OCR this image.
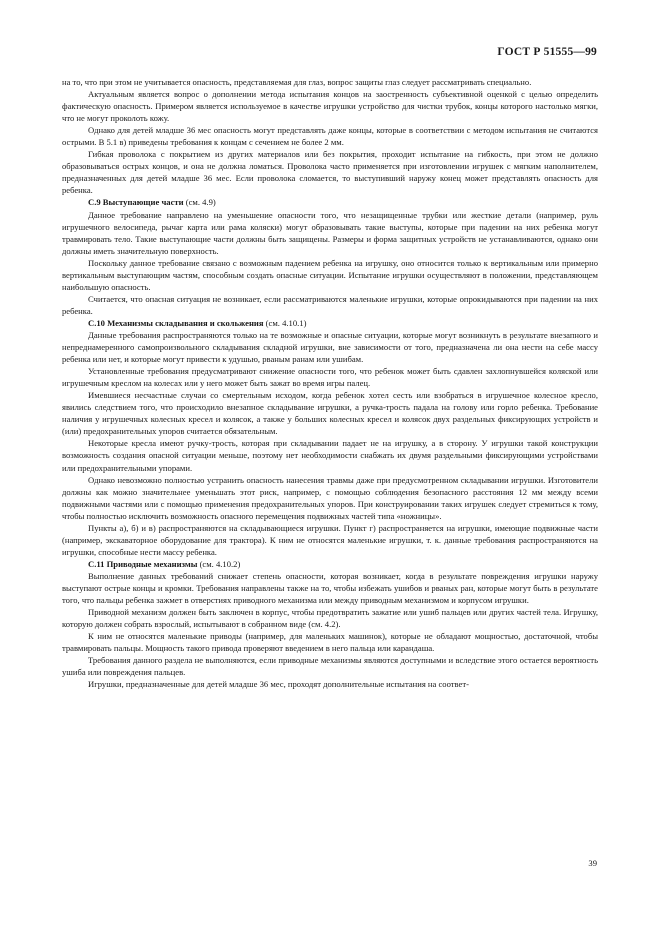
ГОСТ Р 51555—99

на то, что при этом не учитывается опасность, представляемая для глаз, вопрос защиты глаз следует рассматривать специально.

Актуальным является вопрос о дополнении метода испытания концов на заостренность субъективной оценкой с целью определить фактическую опасность. Примером является используемое в качестве игрушки устройство для чистки трубок, концы которого настолько мягки, что не могут проколоть кожу.

Однако для детей младше 36 мес опасность могут представлять даже концы, которые в соответствии с методом испытания не считаются острыми. В 5.1 в) приведены требования к концам с сечением не более 2 мм.

Гибкая проволока с покрытием из других материалов или без покрытия, проходит испытание на гибкость, при этом не должно образовываться острых концов, и она не должна ломаться. Проволока часто применяется при изготовлении игрушек с мягким наполнителем, предназначенных для детей младше 36 мес. Если проволока сломается, то выступивший наружу конец может представлять опасность для ребенка.

С.9 Выступающие части (см. 4.9)

Данное требование направлено на уменьшение опасности того, что незащищенные трубки или жесткие детали (например, руль игрушечного велосипеда, рычаг карта или рама коляски) могут образовывать такие выступы, которые при падении на них ребенка могут травмировать тело. Такие выступающие части должны быть защищены. Размеры и форма защитных устройств не устанавливаются, однако они должны иметь значительную поверхность.

Поскольку данное требование связано с возможным падением ребенка на игрушку, оно относится только к вертикальным или примерно вертикальным выступающим частям, способным создать опасные ситуации. Испытание игрушки осуществляют в положении, представляющем наибольшую опасность.

Считается, что опасная ситуация не возникает, если рассматриваются маленькие игрушки, которые опрокидываются при падении на них ребенка.

С.10 Механизмы складывания и скольжения (см. 4.10.1)

Данные требования распространяются только на те возможные и опасные ситуации, которые могут возникнуть в результате внезапного и непреднамеренного самопроизвольного складывания складной игрушки, вне зависимости от того, предназначена ли она нести на себе массу ребенка или нет, и которые могут привести к удушью, рваным ранам или ушибам.

Установленные требования предусматривают снижение опасности того, что ребенок может быть сдавлен захлопнувшейся коляской или игрушечным креслом на колесах или у него может быть зажат во время игры палец.

Имевшиеся несчастные случаи со смертельным исходом, когда ребенок хотел сесть или взобраться в игрушечное колесное кресло, явились следствием того, что происходило внезапное складывание игрушки, а ручка-трость падала на голову или горло ребенка. Требование наличия у игрушечных колесных кресел и колясок, а также у больших колесных кресел и колясок двух раздельных фиксирующих устройств и (или) предохранительных упоров считается обязательным.

Некоторые кресла имеют ручку-трость, которая при складывании падает не на игрушку, а в сторону. У игрушки такой конструкции возможность создания опасной ситуации меньше, поэтому нет необходимости снабжать их двумя раздельными фиксирующими устройствами или предохранительными упорами.

Однако невозможно полностью устранить опасность нанесения травмы даже при предусмотренном складывании игрушки. Изготовители должны как можно значительнее уменьшать этот риск, например, с помощью соблюдения безопасного расстояния 12 мм между всеми подвижными частями или с помощью применения предохранительных упоров. При конструировании таких игрушек следует стремиться к тому, чтобы полностью исключить возможность опасного перемещения подвижных частей типа «ножницы».

Пункты а), б) и в) распространяются на складывающиеся игрушки. Пункт г) распространяется на игрушки, имеющие подвижные части (например, экскаваторное оборудование для трактора). К ним не относятся маленькие игрушки, т. к. данные требования распространяются на игрушки, способные нести массу ребенка.

С.11 Приводные механизмы (см. 4.10.2)

Выполнение данных требований снижает степень опасности, которая возникает, когда в результате повреждения игрушки наружу выступают острые концы и кромки. Требования направлены также на то, чтобы избежать ушибов и рваных ран, которые могут быть в результате того, что пальцы ребенка зажмет в отверстиях приводного механизма или между приводным механизмом и корпусом игрушки.

Приводной механизм должен быть заключен в корпус, чтобы предотвратить зажатие или ушиб пальцев или других частей тела. Игрушку, которую должен собрать взрослый, испытывают в собранном виде (см. 4.2).

К ним не относятся маленькие приводы (например, для маленьких машинок), которые не обладают мощностью, достаточной, чтобы травмировать пальцы. Мощность такого привода проверяют введением в него пальца или карандаша.

Требования данного раздела не выполняются, если приводные механизмы являются доступными и вследствие этого остается вероятность ушиба или повреждения пальцев.

Игрушки, предназначенные для детей младше 36 мес, проходят дополнительные испытания на соответ-

39
